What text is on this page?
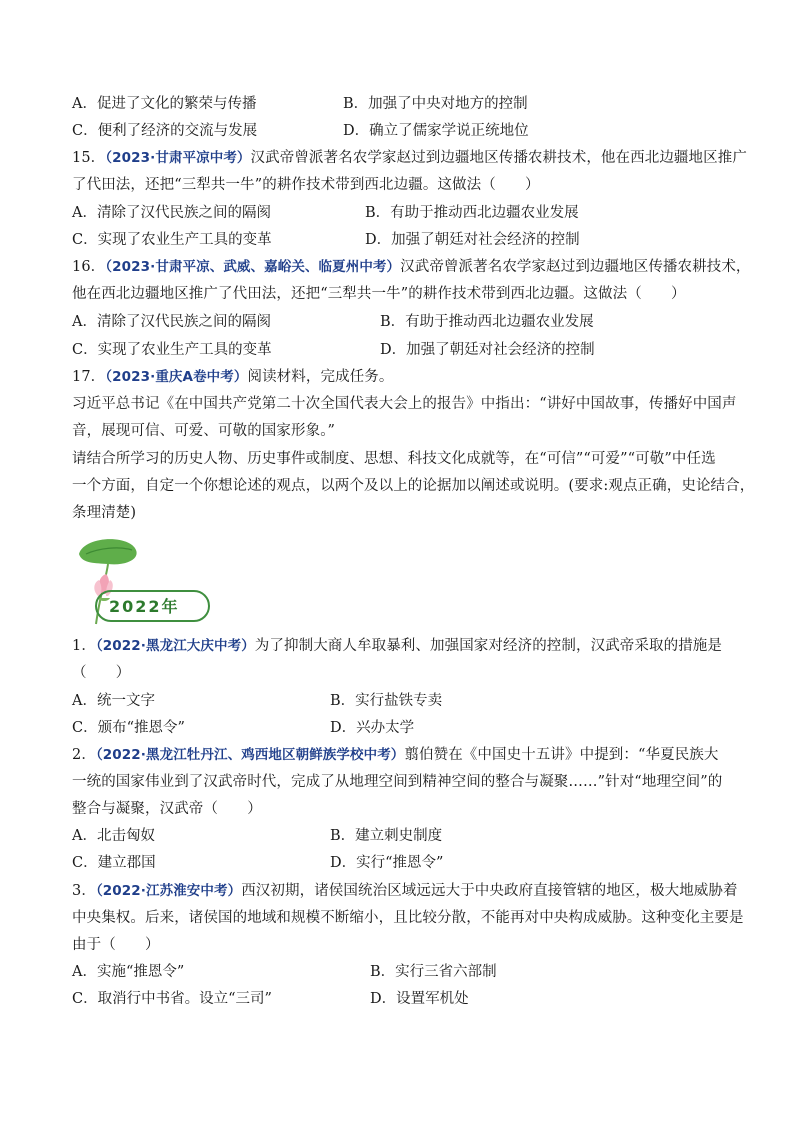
A．促进了文化的繁荣与传播	B．加强了中央对地方的控制
C．便利了经济的交流与发展	D．确立了儒家学说正统地位
15．（2023·甘肃平凉中考）汉武帝曾派著名农学家赵过到边疆地区传播农耕技术，他在西北边疆地区推广
了代田法，还把“三犁共一牛”的耕作技术带到西北边疆。这做法（　　）
A．清除了汉代民族之间的隔阂	B．有助于推动西北边疆农业发展
C．实现了农业生产工具的变革	D．加强了朝廷对社会经济的控制
16．（2023·甘肃平凉、武威、嘉峪关、临夏州中考）汉武帝曾派著名农学家赵过到边疆地区传播农耕技术，
他在西北边疆地区推广了代田法，还把“三犁共一牛”的耕作技术带到西北边疆。这做法（　　）
A．清除了汉代民族之间的隔阂	B．有助于推动西北边疆农业发展
C．实现了农业生产工具的变革	D．加强了朝廷对社会经济的控制
17．（2023·重庆A卷中考）阅读材料，完成任务。
习近平总书记《在中国共产党第二十次全国代表大会上的报告》中指出：“讲好中国故事，传播好中国声
音，展现可信、可爱、可敬的国家形象。”
请结合所学习的历史人物、历史事件或制度、思想、科技文化成就等，在“可信”“可爱”“可敬”中任选
一个方面，自定一个你想论述的观点，以两个及以上的论据加以阐述或说明。(要求:观点正确，史论结合，
条理清楚)
2022年
1．（2022·黑龙江大庆中考）为了抑制大商人牟取暴利、加强国家对经济的控制，汉武帝采取的措施是
（　　）
A．统一文字	B．实行盐铁专卖
C．颁布“推恩令”	D．兴办太学
2．（2022·黑龙江牡丹江、鸡西地区朝鲜族学校中考）翦伯赞在《中国史十五讲》中提到：“华夏民族大
一统的国家伟业到了汉武帝时代，完成了从地理空间到精神空间的整合与凝聚……”针对“地理空间”的
整合与凝聚，汉武帝（　　）
A．北击匈奴	B．建立刺史制度
C．建立郡国	D．实行“推恩令”
3．（2022·江苏淮安中考）西汉初期，诸侯国统治区域远远大于中央政府直接管辖的地区，极大地威胁着
中央集权。后来，诸侯国的地域和规模不断缩小，且比较分散，不能再对中央构成威胁。这种变化主要是
由于（　　）
A．实施“推恩令”	B．实行三省六部制
C．取消行中书省。设立“三司”	D．设置军机处
